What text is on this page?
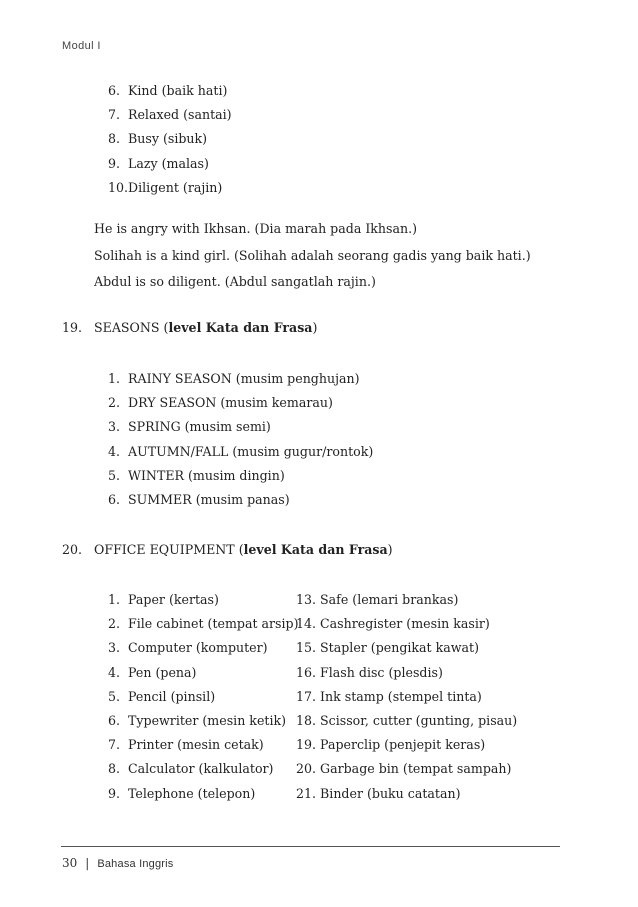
Modul I
6. Kind (baik hati)
7. Relaxed (santai)
8. Busy (sibuk)
9. Lazy (malas)
10. Diligent (rajin)

He is angry with Ikhsan. (Dia marah pada Ikhsan.)

Solihah is a kind girl. (Solihah adalah seorang gadis yang baik hati.)

Abdul is so diligent. (Abdul sangatlah rajin.)

19. SEASONS (level Kata dan Frasa)
1. RAINY SEASON (musim penghujan)
2. DRY SEASON (musim kemarau)
3. SPRING (musim semi)
4. AUTUMN/FALL (musim gugur/rontok)
5. WINTER (musim dingin)
6. SUMMER (musim panas)
20. OFFICE EQUIPMENT (level Kata dan Frasa)
1. Paper (kertas)
2. File cabinet (tempat arsip)
3. Computer (komputer)
4. Pen (pena)
5. Pencil (pinsil)
6. Typewriter (mesin ketik)
7. Printer (mesin cetak)
8. Calculator (kalkulator)
9. Telephone (telepon)
13. Safe (lemari brankas)
14. Cashregister (mesin kasir)
15. Stapler (pengikat kawat)
16. Flash disc (plesdis)
17. Ink stamp (stempel tinta)
18. Scissor, cutter (gunting, pisau)
19. Paperclip (penjepit keras)
20. Garbage bin (tempat sampah)
21. Binder (buku catatan)
30 | Bahasa Inggris
